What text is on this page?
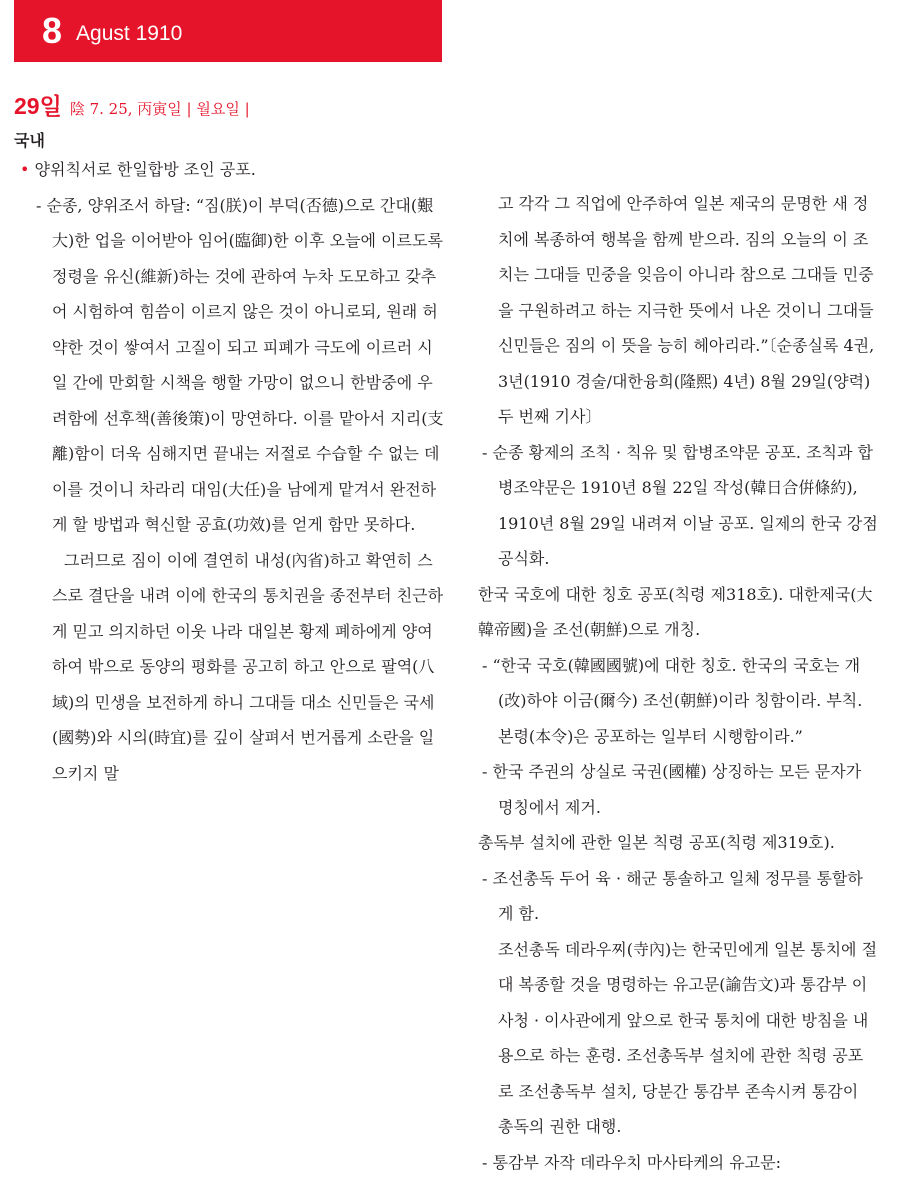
8 Agust 1910
29일 陰 7. 25, 丙寅일 | 월요일 |
국내

• 양위칙서로 한일합방 조인 공포.

- 순종, 양위조서 하달: “짐(朕)이 부덕(否德)으로 간대(艱大)한 업을 이어받아 임어(臨御)한 이후 오늘에 이르도록 정령을 유신(維新)하는 것에 관하여 누차 도모하고 갖추어 시험하여 힘씀이 이르지 않은 것이 아니로되, 원래 허약한 것이 쌓여서 고질이 되고 피폐가 극도에 이르러 시일 간에 만회할 시책을 행할 가망이 없으니 한밤중에 우려함에 선후책(善後策)이 망연하다. 이를 맡아서 지리(支離)함이 더욱 심해지면 끝내는 저절로 수습할 수 없는 데 이를 것이니 차라리 대임(大任)을 남에게 맡겨서 완전하게 할 방법과 혁신할 공효(功效)를 얻게 함만 못하다.

그러므로 짐이 이에 결연히 내성(內省)하고 확연히 스스로 결단을 내려 이에 한국의 통치권을 종전부터 친근하게 믿고 의지하던 이웃 나라 대일본 황제 폐하에게 양여하여 밖으로 동양의 평화를 공고히 하고 안으로 팔역(八域)의 민생을 보전하게 하니 그대들 대소 신민들은 국세(國勢)와 시의(時宜)를 깊이 살펴서 번거롭게 소란을 일으키지 말

고 각각 그 직업에 안주하여 일본 제국의 문명한 새 정치에 복종하여 행복을 함께 받으라. 짐의 오늘의 이 조치는 그대들 민중을 잊음이 아니라 참으로 그대들 민중을 구원하려고 하는 지극한 뜻에서 나온 것이니 그대들 신민들은 짐의 이 뜻을 능히 헤아리라.”〔순종실록 4권, 3년(1910 경술/대한융희(隆熙) 4년) 8월 29일(양력) 두 번째 기사〕

- 순종 황제의 조칙 · 칙유 및 합병조약문 공포. 조칙과 합병조약문은 1910년 8월 22일 작성(韓日合倂條約), 1910년 8월 29일 내려져 이날 공포. 일제의 한국 강점 공식화.

한국 국호에 대한 칭호 공포(칙령 제318호). 대한제국(大韓帝國)을 조선(朝鮮)으로 개칭.

- “한국 국호(韓國國號)에 대한 칭호. 한국의 국호는 개(改)하야 이금(爾今) 조선(朝鮮)이라 칭함이라. 부칙. 본령(本令)은 공포하는 일부터 시행함이라.”

- 한국 주권의 상실로 국권(國權) 상징하는 모든 문자가 명칭에서 제거.

총독부 설치에 관한 일본 칙령 공포(칙령 제319호).

- 조선총독 두어 육 · 해군 통솔하고 일체 정무를 통할하게 함.

조선총독 데라우찌(寺內)는 한국민에게 일본 통치에 절대 복종할 것을 명령하는 유고문(諭告文)과 통감부 이사청 · 이사관에게 앞으로 한국 통치에 대한 방침을 내용으로 하는 훈령. 조선총독부 설치에 관한 칙령 공포로 조선총독부 설치, 당분간 통감부 존속시켜 통감이 총독의 권한 대행.

- 통감부 자작 데라우치 마사타케의 유고문:
